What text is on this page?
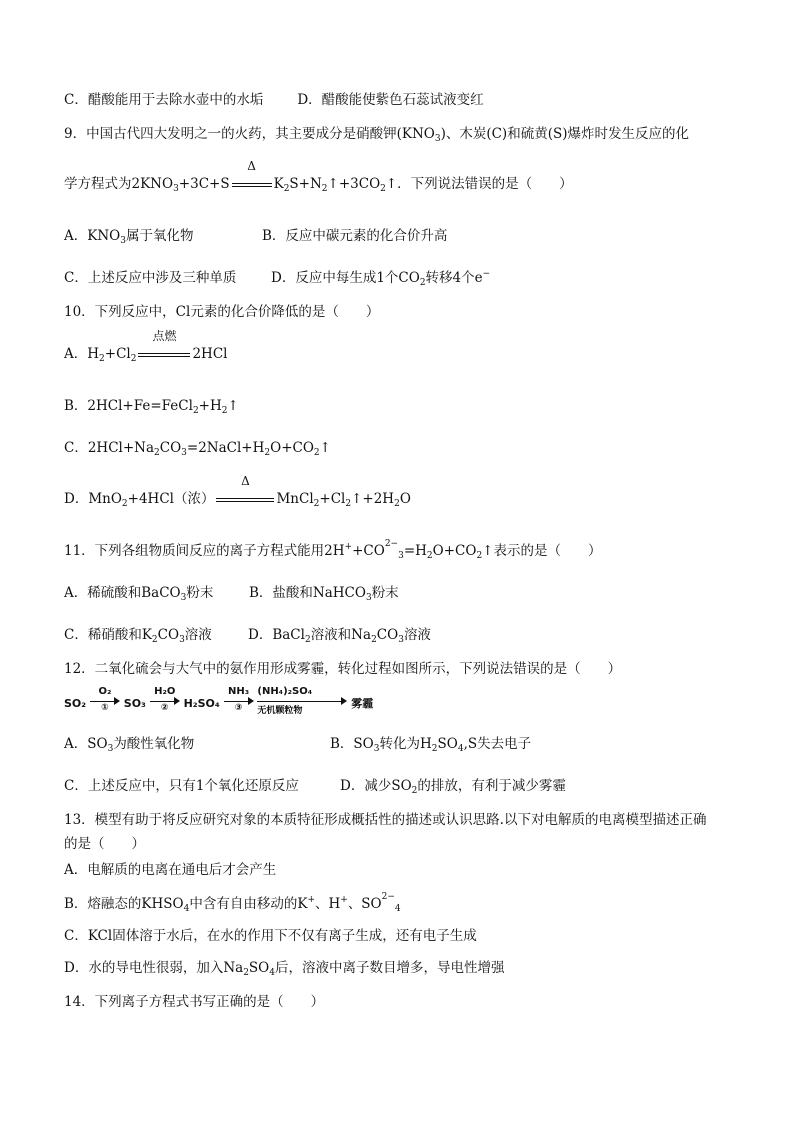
C．醋酸能用于去除水壶中的水垢	D．醋酸能使紫色石蕊试液变红
9．中国古代四大发明之一的火药，其主要成分是硝酸钾$(KNO_3)$、木炭(C)和硫黄(S)爆炸时发生反应的化
学方程式为$2KNO_3+3C+S$
Δ
$K_2S+N_2↑+3CO_2↑$．下列说法错误的是（　　）
A．$KNO_3$属于氧化物	B．反应中碳元素的化合价升高
C．上述反应中涉及三种单质	D．反应中每生成1个$CO_2$转移4个e−
10．下列反应中，Cl元素的化合价降低的是（　　）
A．$H_2+Cl_2$
点燃
2HCl
B．$2HCl+Fe=FeCl_2+H_2↑$
C．$2HCl+Na_2CO_3=2NaCl+H_2O+CO_2↑$
D．MnO$_2$+4HCl（浓）
Δ
$MnCl_2+Cl_2↑+2H_2O$
11．下列各组物质间反应的离子方程式能用$2H^++CO_{2-3}=H_2O+CO_2↑$表示的是（　　）
A．稀硫酸和BaCO$_3$粉末	B．盐酸和NaHCO$_3$粉末
C．稀硝酸和$K_2CO_3$溶液	D．BaCl$_2$溶液和$Na_2CO_3$溶液
12．二氧化硫会与大气中的氨作用形成雾霾，转化过程如图所示，下列说法错误的是（　　）
SO₂
O₂
①	SO₃
H₂O
②	H₂SO₄
NH₃
③

(NH₄)₂SO₄
无机颗粒物
雾霾
A．$SO_3$为酸性氧化物	B．$SO_3$转化为$H_2SO_4,S$失去电子
C．上述反应中，只有1个氧化还原反应	D．减少$SO_2$的排放，有利于减少雾霾
13．模型有助于将反应研究对象的本质特征形成概括性的描述或认识思路.以下对电解质的电离模型描述正确
的是（　　）
A．电解质的电离在通电后才会产生
B．熔融态的$KHSO_4$中含有自由移动的K+、H+、$SO_{2-4}$
C．KCl固体溶于水后，在水的作用下不仅有离子生成，还有电子生成
D．水的导电性很弱，加入$Na_2SO_4$后，溶液中离子数目增多，导电性增强
14．下列离子方程式书写正确的是（　　）
